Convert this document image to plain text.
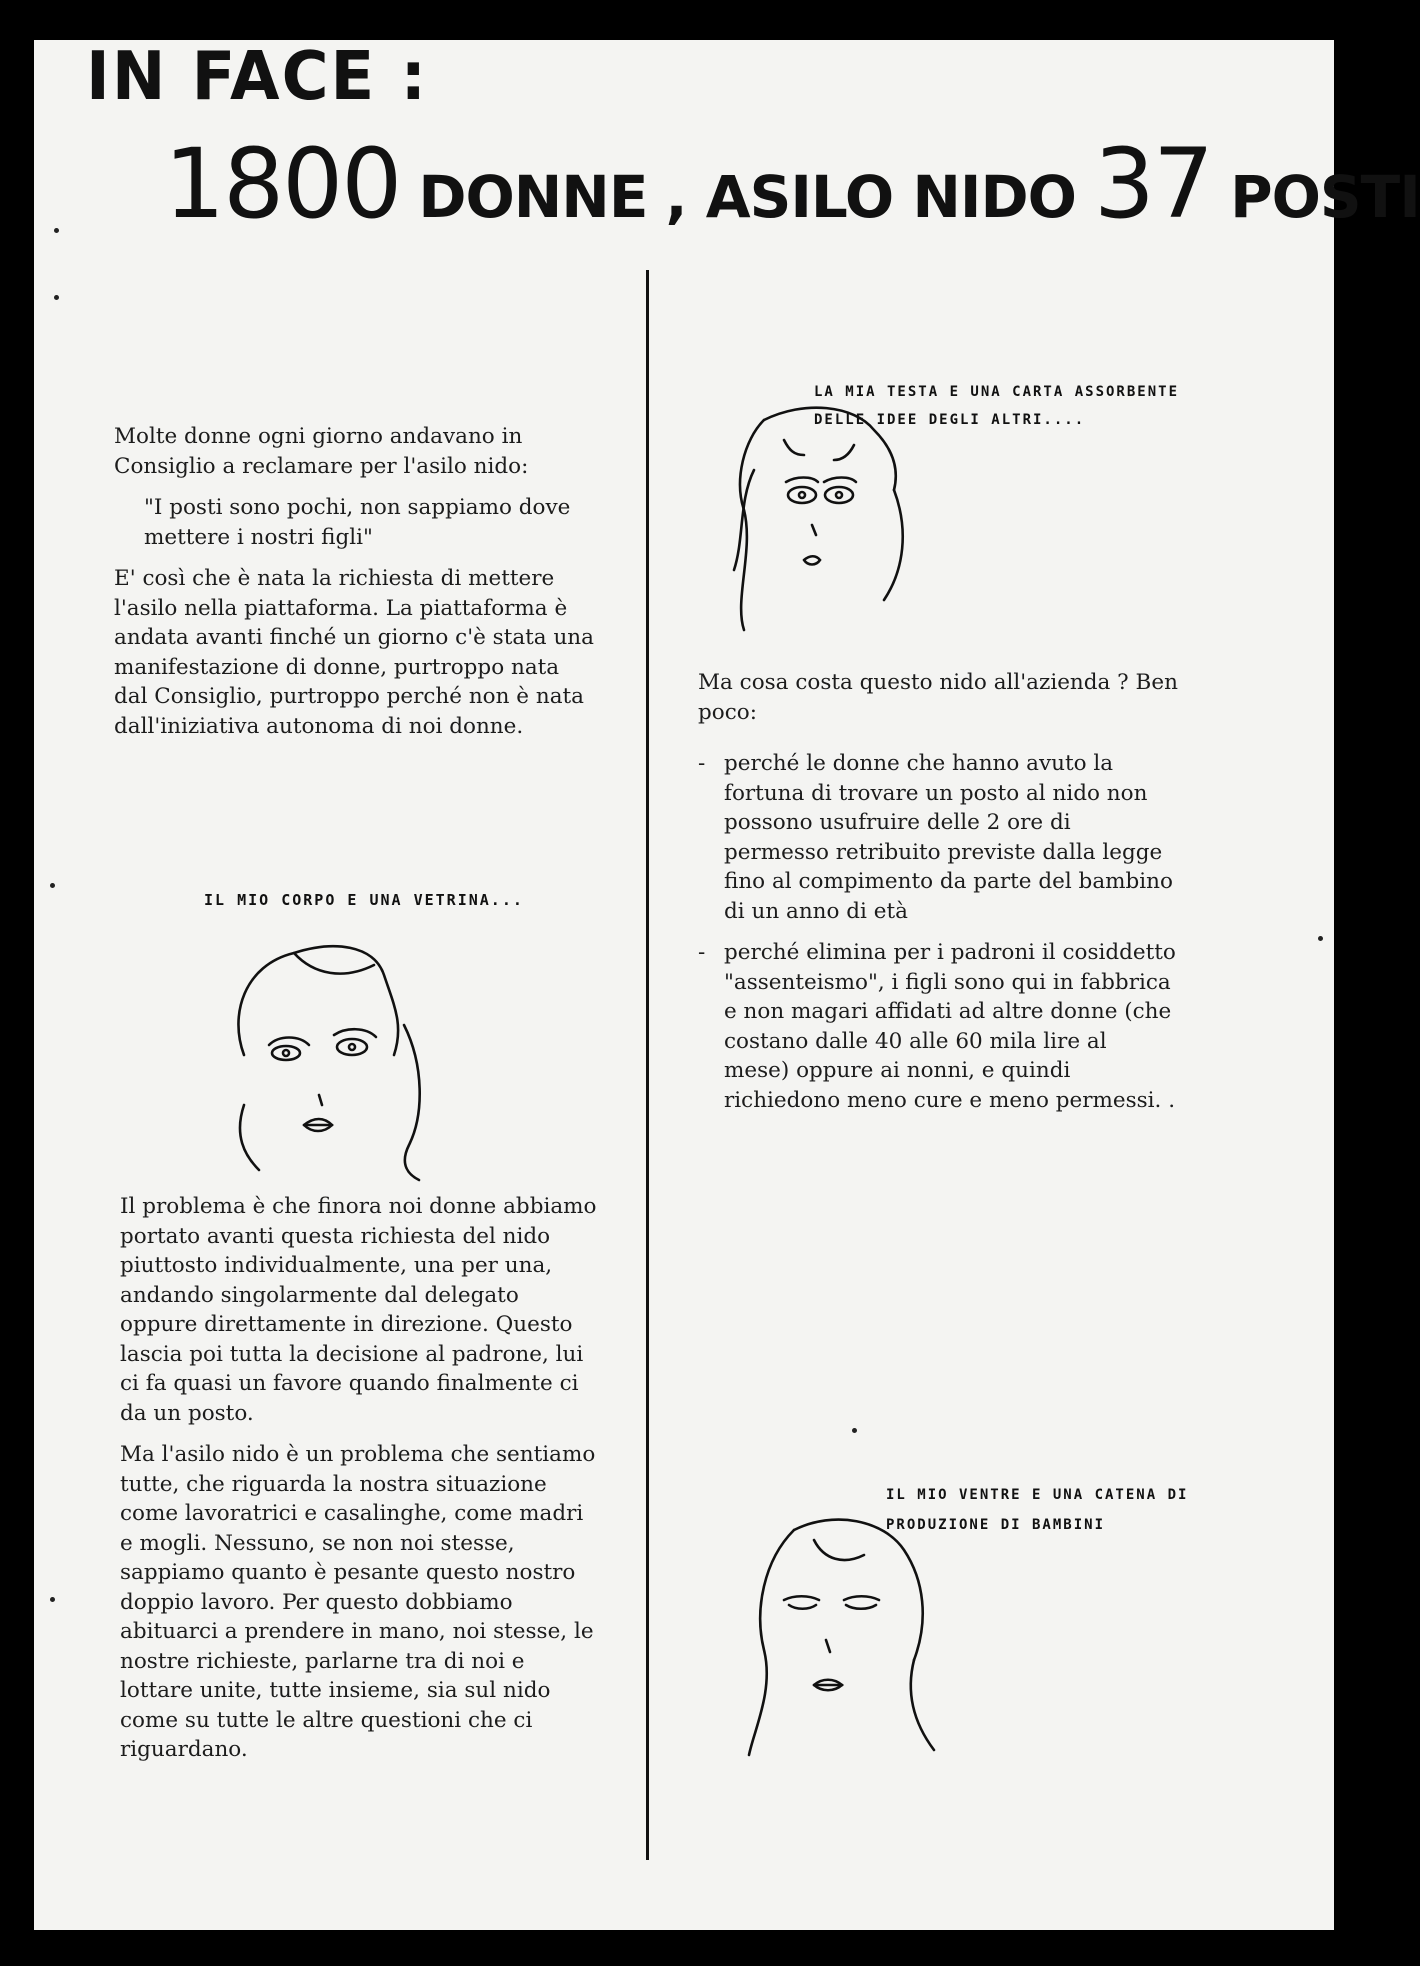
IN FACE :
1800 DONNE , ASILO NIDO 37 POSTI

Molte donne ogni giorno andavano in Consiglio a reclamare per l'asilo nido:

"I posti sono pochi, non sappiamo dove mettere i nostri figli"

E' così che è nata la richiesta di mettere l'asilo nella piattaforma. La piattaforma è andata avanti finché un giorno c'è stata una manifestazione di donne, purtroppo nata dal Consiglio, purtroppo perché non è nata dall'iniziativa autonoma di noi donne.

IL MIO CORPO E UNA VETRINA...

Il problema è che finora noi donne abbiamo portato avanti questa richiesta del nido piuttosto individualmente, una per una, andando singolarmente dal delegato oppure direttamente in direzione. Questo lascia poi tutta la decisione al padrone, lui ci fa quasi un favore quando finalmente ci da un posto.

Ma l'asilo nido è un problema che sentiamo tutte, che riguarda la nostra situazione come lavoratrici e casalinghe, come madri e mogli. Nessuno, se non noi stesse, sappiamo quanto è pesante questo nostro doppio lavoro. Per questo dobbiamo abituarci a prendere in mano, noi stesse, le nostre richieste, parlarne tra di noi e lottare unite, tutte insieme, sia sul nido come su tutte le altre questioni che ci riguardano.

LA MIA TESTA E UNA CARTA ASSORBENTE DELLE IDEE DEGLI ALTRI....

Ma cosa costa questo nido all'azienda ? Ben poco:

- perché le donne che hanno avuto la fortuna di trovare un posto al nido non possono usufruire delle 2 ore di permesso retribuito previste dalla legge fino al compimento da parte del bambino di un anno di età
- perché elimina per i padroni il cosiddetto "assenteismo", i figli sono qui in fabbrica e non magari affidati ad altre donne (che costano dalle 40 alle 60 mila lire al mese) oppure ai nonni, e quindi richiedono meno cure e meno permessi. .
IL MIO VENTRE E UNA CATENA DI PRODUZIONE DI BAMBINI
